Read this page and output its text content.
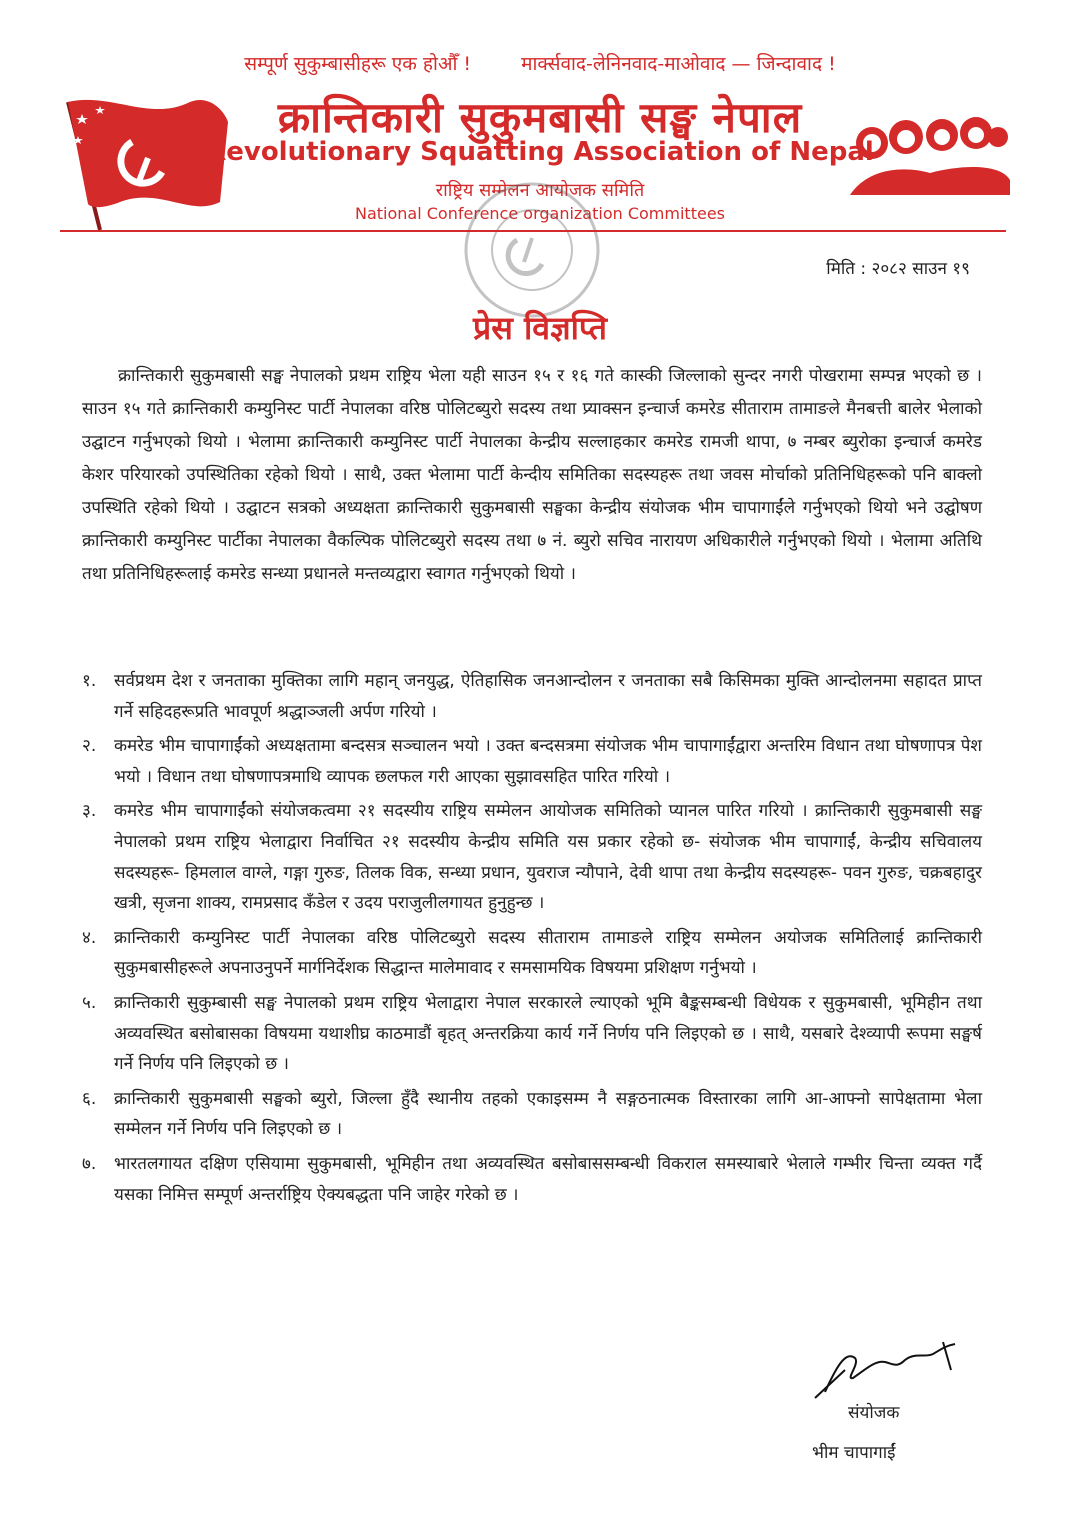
सम्पूर्ण सुकुम्बासीहरू एक होऔँ !	मार्क्सवाद-लेनिनवाद-माओवाद — जिन्दावाद !
क्रान्तिकारी सुकुमबासी सङ्घ नेपाल
Revolutionary Squatting Association of Nepal
राष्ट्रिय सम्मेलन आयोजक समिति
National Conference organization Committees
मिति : २०८२ साउन १९
प्रेस विज्ञप्ति

क्रान्तिकारी सुकुमबासी सङ्घ नेपालको प्रथम राष्ट्रिय भेला यही साउन १५ र १६ गते कास्की जिल्लाको सुन्दर नगरी पोखरामा सम्पन्न भएको छ । साउन १५ गते क्रान्तिकारी कम्युनिस्ट पार्टी नेपालका वरिष्ठ पोलिटब्युरो सदस्य तथा प्र्याक्सन इन्चार्ज कमरेड सीताराम तामाङले मैनबत्ती बालेर भेलाको उद्घाटन गर्नुभएको थियो । भेलामा क्रान्तिकारी कम्युनिस्ट पार्टी नेपालका केन्द्रीय सल्लाहकार कमरेड रामजी थापा, ७ नम्बर ब्युरोका इन्चार्ज कमरेड केशर परियारको उपस्थितिका रहेको थियो । साथै, उक्त भेलामा पार्टी केन्दीय समितिका सदस्यहरू तथा जवस मोर्चाको प्रतिनिधिहरूको पनि बाक्लो उपस्थिति रहेको थियो । उद्घाटन सत्रको अध्यक्षता क्रान्तिकारी सुकुमबासी सङ्घका केन्द्रीय संयोजक भीम चापागाईंले गर्नुभएको थियो भने उद्घोषण क्रान्तिकारी कम्युनिस्ट पार्टीका नेपालका वैकल्पिक पोलिटब्युरो सदस्य तथा ७ नं. ब्युरो सचिव नारायण अधिकारीले गर्नुभएको थियो । भेलामा अतिथि तथा प्रतिनिधिहरूलाई कमरेड सन्ध्या प्रधानले मन्तव्यद्वारा स्वागत गर्नुभएको थियो ।

१.	सर्वप्रथम देश र जनताका मुक्तिका लागि महान् जनयुद्ध, ऐतिहासिक जनआन्दोलन र जनताका सबै किसिमका मुक्ति आन्दोलनमा सहादत प्राप्त गर्ने सहिदहरूप्रति भावपूर्ण श्रद्धाञ्जली अर्पण गरियो ।
२.	कमरेड भीम चापागाईंको अध्यक्षतामा बन्दसत्र सञ्चालन भयो । उक्त बन्दसत्रमा संयोजक भीम चापागाईंद्वारा अन्तरिम विधान तथा घोषणापत्र पेश भयो । विधान तथा घोषणापत्रमाथि व्यापक छलफल गरी आएका सुझावसहित पारित गरियो ।
३.	कमरेड भीम चापागाईंको संयोजकत्वमा २१ सदस्यीय राष्ट्रिय सम्मेलन आयोजक समितिको प्यानल पारित गरियो । क्रान्तिकारी सुकुमबासी सङ्घ नेपालको प्रथम राष्ट्रिय भेलाद्वारा निर्वाचित २१ सदस्यीय केन्द्रीय समिति यस प्रकार रहेको छ- संयोजक भीम चापागाईं, केन्द्रीय सचिवालय सदस्यहरू- हिमलाल वाग्ले, गङ्गा गुरुङ, तिलक विक, सन्ध्या प्रधान, युवराज न्यौपाने, देवी थापा तथा केन्द्रीय सदस्यहरू- पवन गुरुङ, चक्रबहादुर खत्री, सृजना शाक्य, रामप्रसाद कँडेल र उदय पराजुलीलगायत हुनुहुन्छ ।
४.	क्रान्तिकारी कम्युनिस्ट पार्टी नेपालका वरिष्ठ पोलिटब्युरो सदस्य सीताराम तामाङले राष्ट्रिय सम्मेलन अयोजक समितिलाई क्रान्तिकारी सुकुमबासीहरूले अपनाउनुपर्ने मार्गनिर्देशक सिद्धान्त मालेमावाद र समसामयिक विषयमा प्रशिक्षण गर्नुभयो ।
५.	क्रान्तिकारी सुकुम्बासी सङ्घ नेपालको प्रथम राष्ट्रिय भेलाद्वारा नेपाल सरकारले ल्याएको भूमि बैङ्कसम्बन्धी विधेयक र सुकुमबासी, भूमिहीन तथा अव्यवस्थित बसोबासका विषयमा यथाशीघ्र काठमाडौं बृहत् अन्तरक्रिया कार्य गर्ने निर्णय पनि लिइएको छ । साथै, यसबारे देश्व्यापी रूपमा सङ्घर्ष गर्ने निर्णय पनि लिइएको छ ।
६.	क्रान्तिकारी सुकुमबासी सङ्घको ब्युरो, जिल्ला हुँदै स्थानीय तहको एकाइसम्म नै सङ्गठनात्मक विस्तारका लागि आ-आफ्नो सापेक्षतामा भेला सम्मेलन गर्ने निर्णय पनि लिइएको छ ।
७.	भारतलगायत दक्षिण एसियामा सुकुमबासी, भूमिहीन तथा अव्यवस्थित बसोबाससम्बन्धी विकराल समस्याबारे भेलाले गम्भीर चिन्ता व्यक्त गर्दै यसका निमित्त सम्पूर्ण अन्तर्राष्ट्रिय ऐक्यबद्धता पनि जाहेर गरेको छ ।
संयोजक
भीम चापागाईं
